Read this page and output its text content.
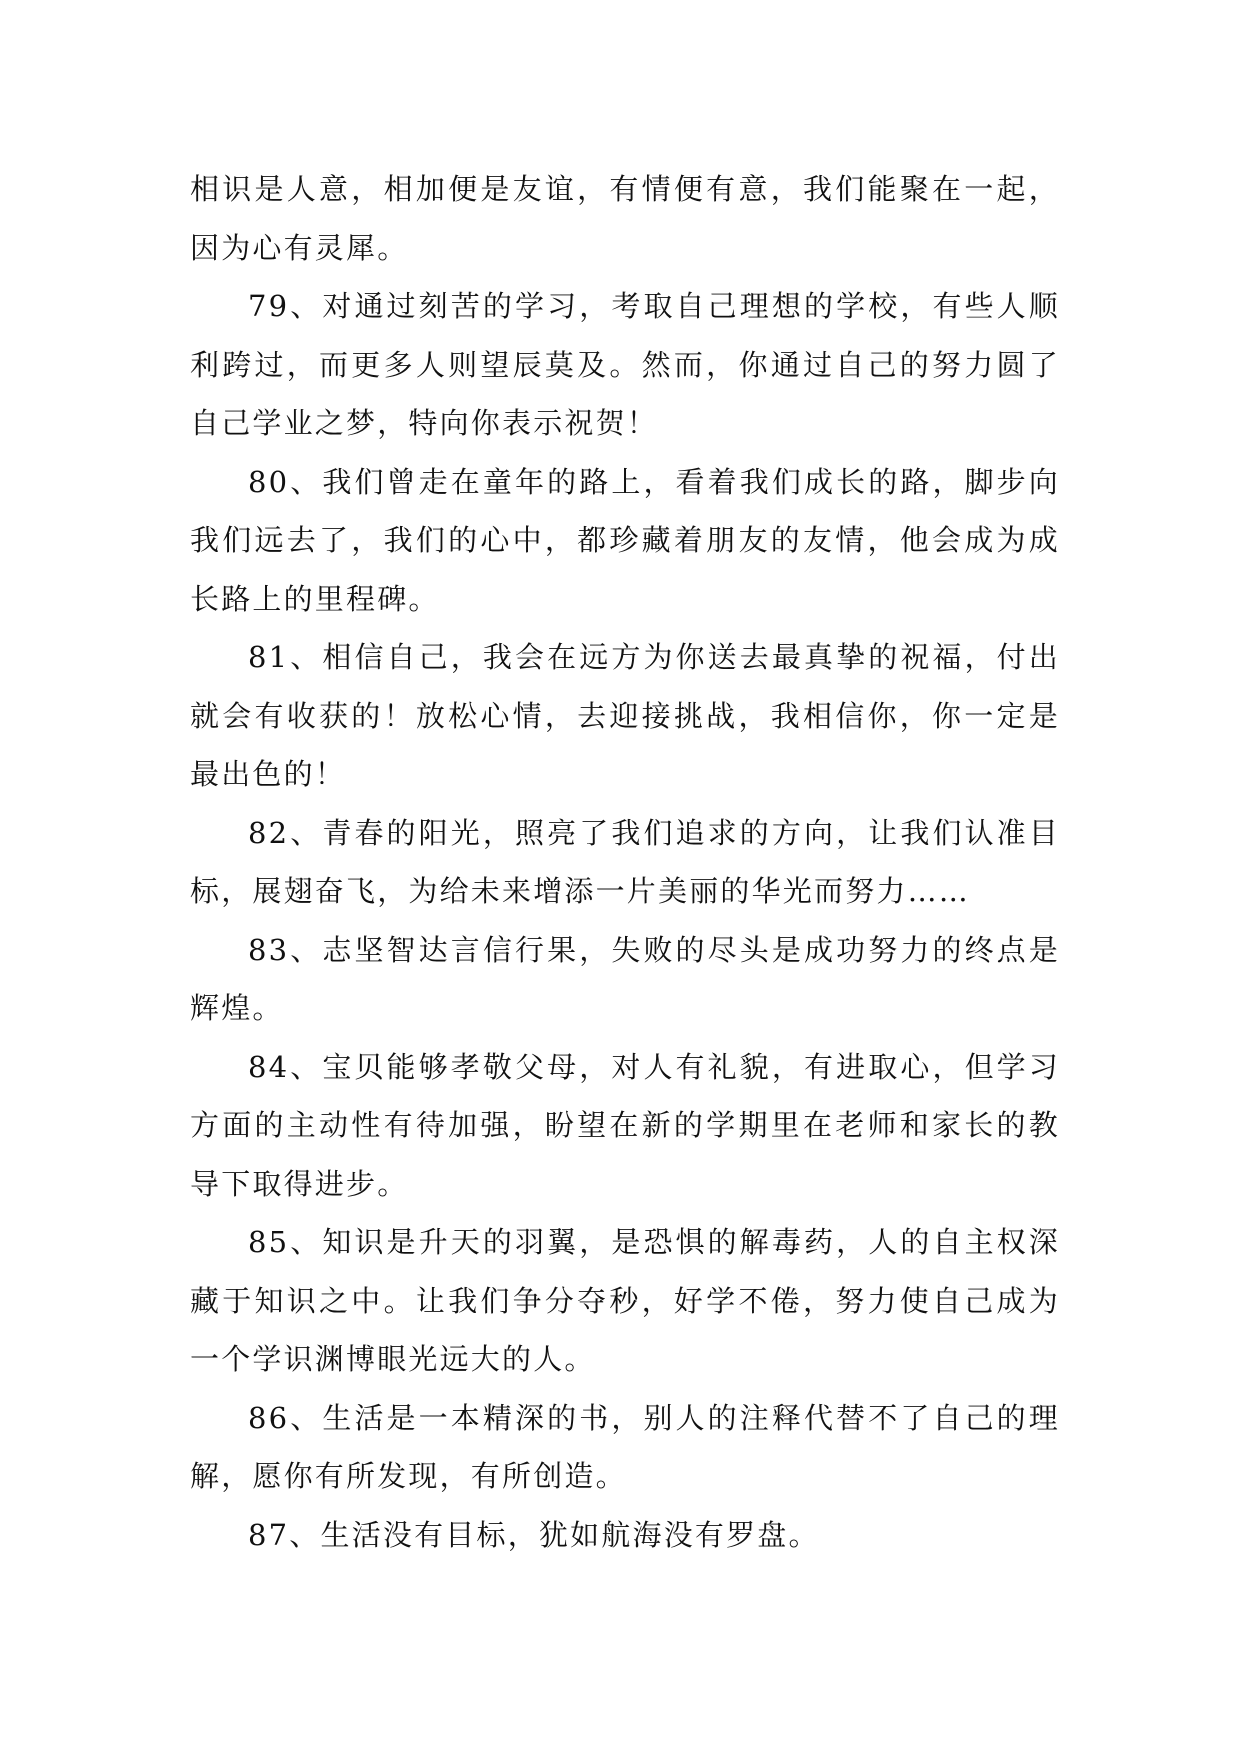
相识是人意，相加便是友谊，有情便有意，我们能聚在一起，因为心有灵犀。

79、对通过刻苦的学习，考取自己理想的学校，有些人顺利跨过，而更多人则望辰莫及。然而，你通过自己的努力圆了自己学业之梦，特向你表示祝贺！

80、我们曾走在童年的路上，看着我们成长的路，脚步向我们远去了，我们的心中，都珍藏着朋友的友情，他会成为成长路上的里程碑。

81、相信自己，我会在远方为你送去最真挚的祝福，付出就会有收获的！放松心情，去迎接挑战，我相信你，你一定是最出色的！

82、青春的阳光，照亮了我们追求的方向，让我们认准目标，展翅奋飞，为给未来增添一片美丽的华光而努力……

83、志坚智达言信行果，失败的尽头是成功努力的终点是辉煌。

84、宝贝能够孝敬父母，对人有礼貌，有进取心，但学习方面的主动性有待加强，盼望在新的学期里在老师和家长的教导下取得进步。

85、知识是升天的羽翼，是恐惧的解毒药，人的自主权深藏于知识之中。让我们争分夺秒，好学不倦，努力使自己成为一个学识渊博眼光远大的人。

86、生活是一本精深的书，别人的注释代替不了自己的理解，愿你有所发现，有所创造。

87、生活没有目标，犹如航海没有罗盘。
